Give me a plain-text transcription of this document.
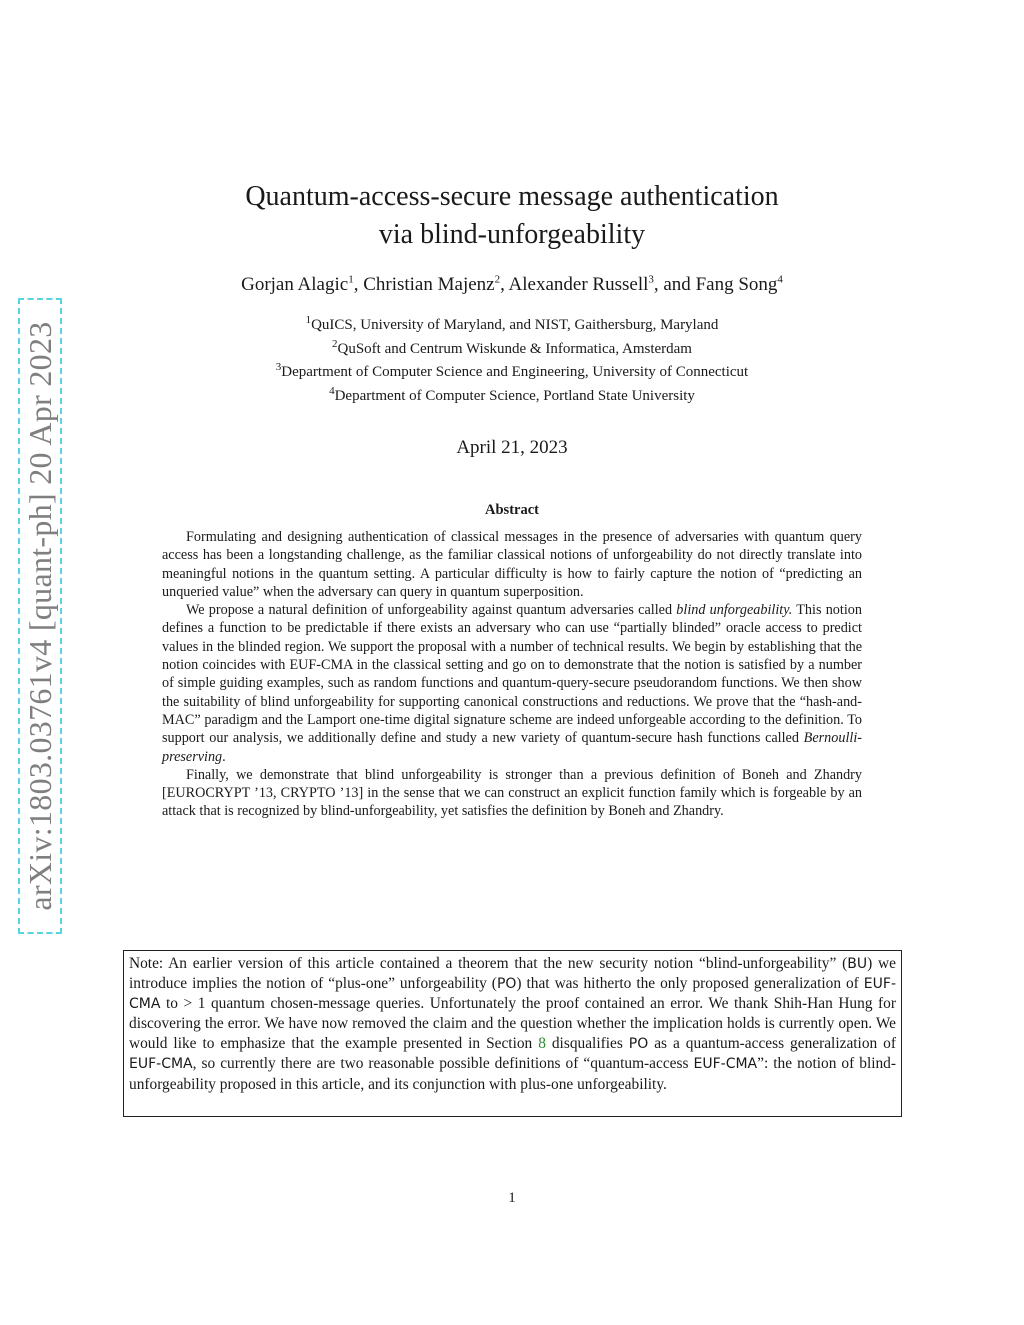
arXiv:1803.03761v4 [quant-ph] 20 Apr 2023
Quantum-access-secure message authentication
via blind-unforgeability
Gorjan Alagic$^1$, Christian Majenz$^2$, Alexander Russell$^3$, and Fang Song$^4$
$^1$QuICS, University of Maryland, and NIST, Gaithersburg, Maryland
$^2$QuSoft and Centrum Wiskunde & Informatica, Amsterdam
$^3$Department of Computer Science and Engineering, University of Connecticut
$^4$Department of Computer Science, Portland State University
April 21, 2023
Abstract

Formulating and designing authentication of classical messages in the presence of adversaries with quantum query access has been a longstanding challenge, as the familiar classical notions of unforgeability do not directly translate into meaningful notions in the quantum setting. A particular difficulty is how to fairly capture the notion of “predicting an unqueried value” when the adversary can query in quantum superposition.

We propose a natural definition of unforgeability against quantum adversaries called blind unforgeability. This notion defines a function to be predictable if there exists an adversary who can use “partially blinded” oracle access to predict values in the blinded region. We support the proposal with a number of technical results. We begin by establishing that the notion coincides with EUF-CMA in the classical setting and go on to demonstrate that the notion is satisfied by a number of simple guiding examples, such as random functions and quantum-query-secure pseudorandom functions. We then show the suitability of blind unforgeability for supporting canonical constructions and reductions. We prove that the “hash-and-MAC” paradigm and the Lamport one-time digital signature scheme are indeed unforgeable according to the definition. To support our analysis, we additionally define and study a new variety of quantum-secure hash functions called Bernoulli-preserving.

Finally, we demonstrate that blind unforgeability is stronger than a previous definition of Boneh and Zhandry [EUROCRYPT ’13, CRYPTO ’13] in the sense that we can construct an explicit function family which is forgeable by an attack that is recognized by blind-unforgeability, yet satisfies the definition by Boneh and Zhandry.

Note: An earlier version of this article contained a theorem that the new security notion “blind-unforgeability” (BU) we introduce implies the notion of “plus-one” unforgeability (PO) that was hitherto the only proposed generalization of EUF-CMA to > 1 quantum chosen-message queries. Unfortunately the proof contained an error. We thank Shih-Han Hung for discovering the error. We have now removed the claim and the question whether the implication holds is currently open. We would like to emphasize that the example presented in Section 8 disqualifies PO as a quantum-access generalization of EUF-CMA, so currently there are two reasonable possible definitions of “quantum-access EUF-CMA”: the notion of blind-unforgeability proposed in this article, and its conjunction with plus-one unforgeability.
1
